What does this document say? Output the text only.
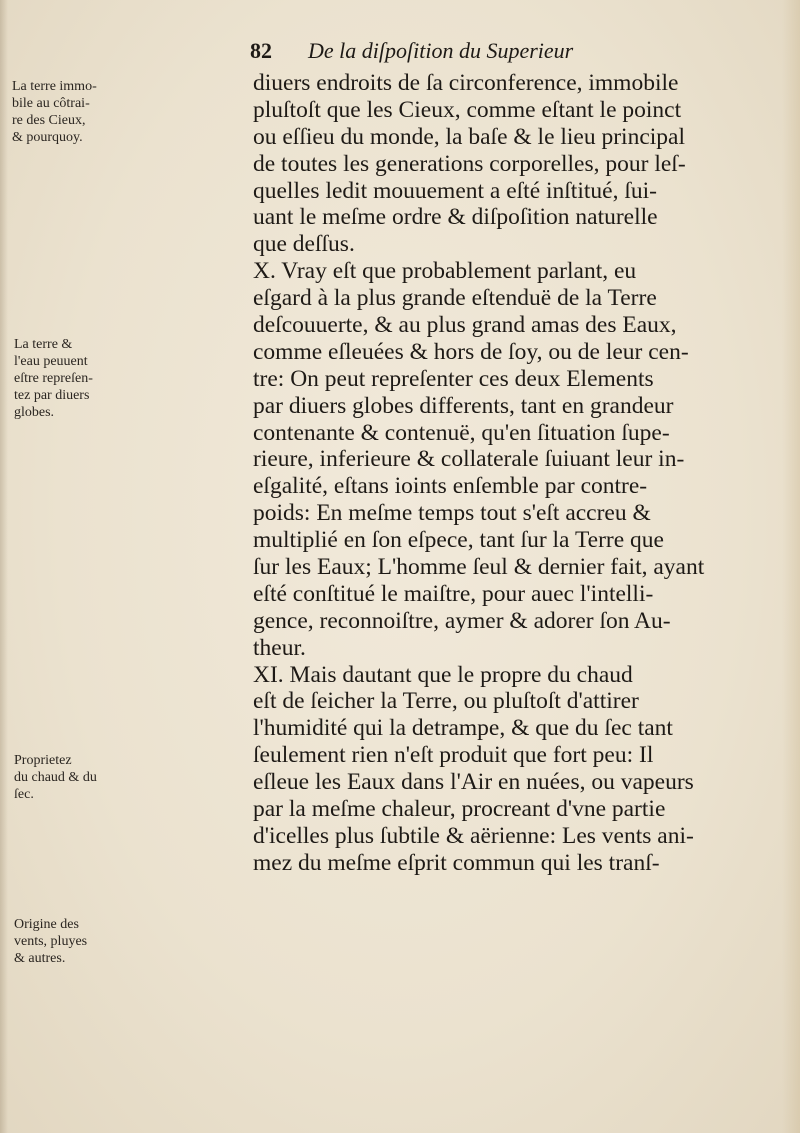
82 De la diſpoſition du Superieur
La terre immo-
bile au côtrai-
re des Cieux,
& pourquoy.
La terre &
l'eau peuuent
eſtre repreſen-
tez par diuers
globes.
Proprietez
du chaud & du
ſec.
Origine des
vents, pluyes
& autres.
diuers endroits de ſa circonference, immobile
pluſtoſt que les Cieux, comme eſtant le poinct
ou eſſieu du monde, la baſe & le lieu principal
de toutes les generations corporelles, pour leſ-
quelles ledit mouuement a eſté inſtitué, ſui-
uant le meſme ordre & diſpoſition naturelle
que deſſus.
X. Vray eſt que probablement parlant, eu
eſgard à la plus grande eſtenduë de la Terre
deſcouuerte, & au plus grand amas des Eaux,
comme eſleuées & hors de ſoy, ou de leur cen-
tre: On peut repreſenter ces deux Elements
par diuers globes differents, tant en grandeur
contenante & contenuë, qu'en ſituation ſupe-
rieure, inferieure & collaterale ſuiuant leur in-
eſgalité, eſtans ioints enſemble par contre-
poids: En meſme temps tout s'eſt accreu &
multiplié en ſon eſpece, tant ſur la Terre que
ſur les Eaux; L'homme ſeul & dernier fait, ayant
eſté conſtitué le maiſtre, pour auec l'intelli-
gence, reconnoiſtre, aymer & adorer ſon Au-
theur.
XI. Mais dautant que le propre du chaud
eſt de ſeicher la Terre, ou pluſtoſt d'attirer
l'humidité qui la detrampe, & que du ſec tant
ſeulement rien n'eſt produit que fort peu: Il
eſleue les Eaux dans l'Air en nuées, ou vapeurs
par la meſme chaleur, procreant d'vne partie
d'icelles plus ſubtile & aërienne: Les vents ani-
mez du meſme eſprit commun qui les tranſ-
